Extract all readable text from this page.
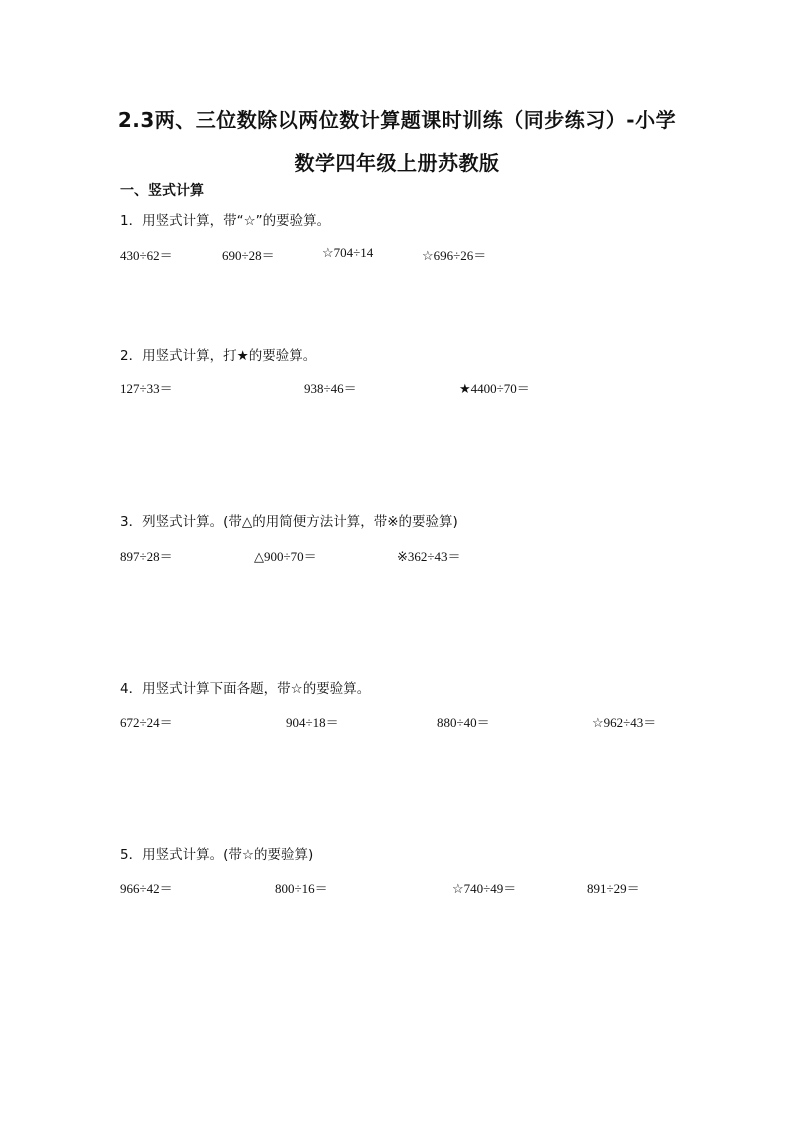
2.3两、三位数除以两位数计算题课时训练（同步练习）-小学
数学四年级上册苏教版
一、竖式计算
1．用竖式计算，带“☆”的要验算。
430÷62＝	690÷28＝	☆704÷14	☆696÷26＝
2．用竖式计算，打★的要验算。
127÷33＝	938÷46＝	★4400÷70＝
3．列竖式计算。(带△的用简便方法计算，带※的要验算)
897÷28＝	△900÷70＝	※362÷43＝
4．用竖式计算下面各题，带☆的要验算。
672÷24＝	904÷18＝	880÷40＝	☆962÷43＝
5．用竖式计算。(带☆的要验算)
966÷42＝	800÷16＝	☆740÷49＝	891÷29＝
